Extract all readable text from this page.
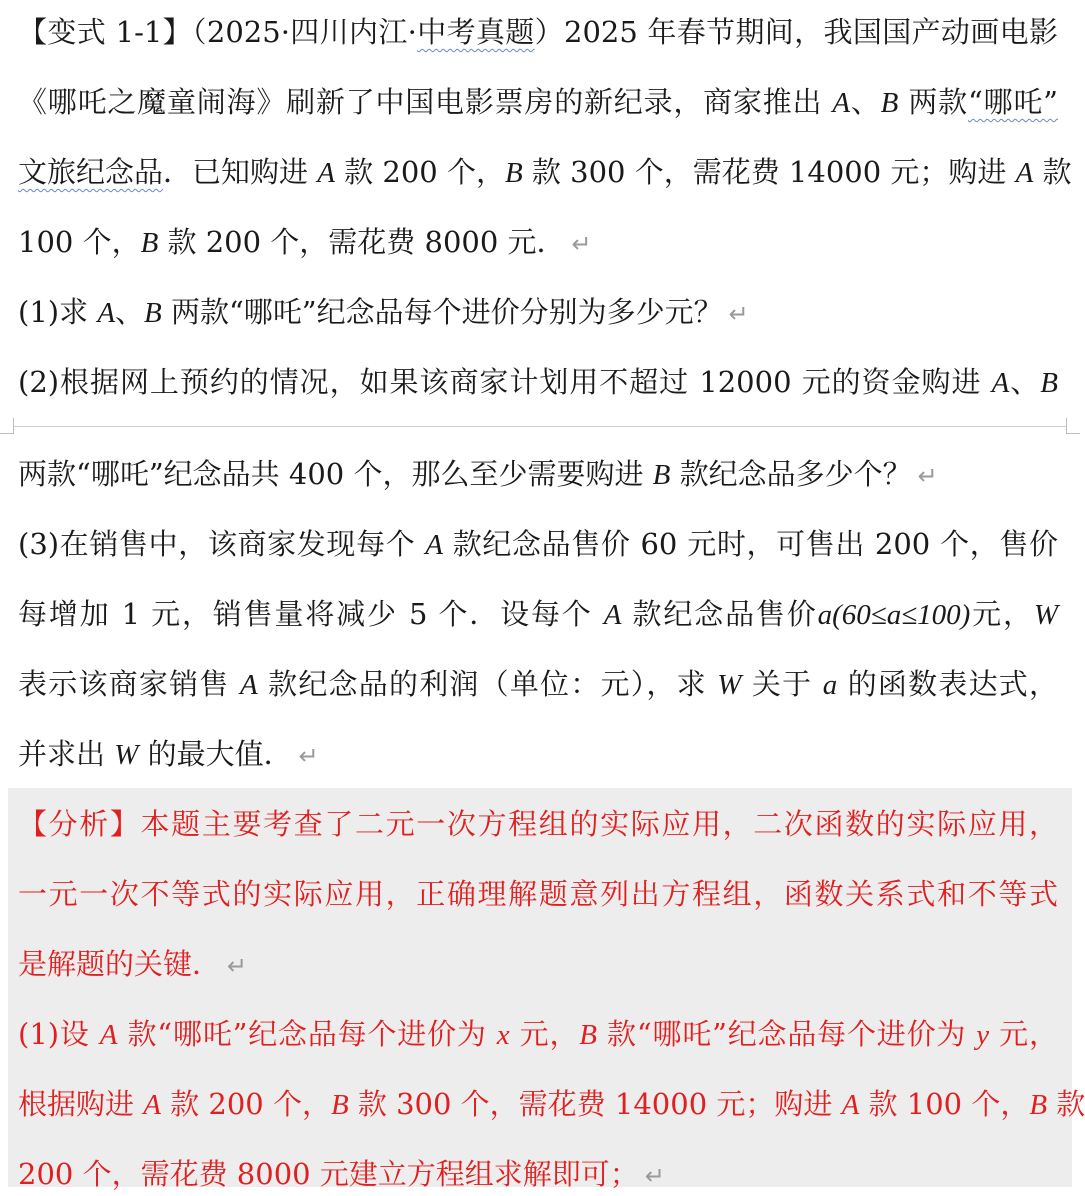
【变式 1-1】（2025·四川内江·中考真题）2025 年春节期间，我国国产动画电影
《哪吒之魔童闹海》刷新了中国电影票房的新纪录，商家推出 A、B 两款“哪吒”
文旅纪念品．已知购进 A 款 200 个，B 款 300 个，需花费 14000 元；购进 A 款
100 个，B 款 200 个，需花费 8000 元． ↵
(1)求 A、B 两款“哪吒”纪念品每个进价分别为多少元？ ↵
(2)根据网上预约的情况，如果该商家计划用不超过 12000 元的资金购进 A、B
两款“哪吒”纪念品共 400 个，那么至少需要购进 B 款纪念品多少个？ ↵
(3)在销售中，该商家发现每个 A 款纪念品售价 60 元时，可售出 200 个，售价
每增加 1 元，销售量将减少 5 个．设每个 A 款纪念品售价a(60≤a≤100)元，W
表示该商家销售 A 款纪念品的利润（单位：元），求 W 关于 a 的函数表达式，
并求出 W 的最大值． ↵
【分析】本题主要考查了二元一次方程组的实际应用，二次函数的实际应用，
一元一次不等式的实际应用，正确理解题意列出方程组，函数关系式和不等式
是解题的关键． ↵
(1)设 A 款“哪吒”纪念品每个进价为 x 元，B 款“哪吒”纪念品每个进价为 y 元，
根据购进 A 款 200 个，B 款 300 个，需花费 14000 元；购进 A 款 100 个，B 款
200 个，需花费 8000 元建立方程组求解即可； ↵
